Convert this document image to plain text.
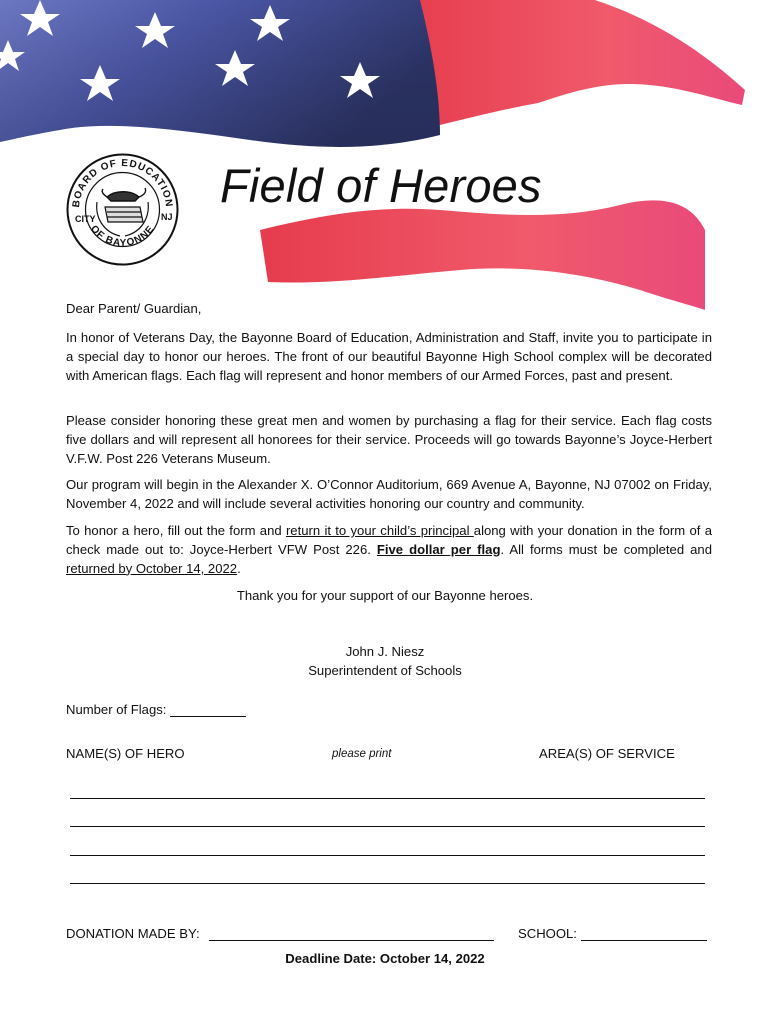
BOARD OF EDUCATION
OF BAYONNE
CITY	NJ
Field of Heroes
Dear Parent/ Guardian,
In honor of Veterans Day, the Bayonne Board of Education, Administration and Staff, invite you to participate in a special day to honor our heroes. The front of our beautiful Bayonne High School complex will be decorated with American flags. Each flag will represent and honor members of our Armed Forces, past and present.
Please consider honoring these great men and women by purchasing a flag for their service. Each flag costs five dollars and will represent all honorees for their service. Proceeds will go towards Bayonne’s Joyce-Herbert V.F.W. Post 226 Veterans Museum.
Our program will begin in the Alexander X. O’Connor Auditorium, 669 Avenue A, Bayonne, NJ 07002 on Friday, November 4, 2022 and will include several activities honoring our country and community.
To honor a hero, fill out the form and return it to your child’s principal along with your donation in the form of a check made out to: Joyce-Herbert VFW Post 226. Five dollar per flag. All forms must be completed and returned by October 14, 2022.
Thank you for your support of our Bayonne heroes.
John J. Niesz
Superintendent of Schools
Number of Flags:
NAME(S) OF HERO	please print	AREA(S) OF SERVICE
DONATION MADE BY:	SCHOOL:
Deadline Date: October 14, 2022
